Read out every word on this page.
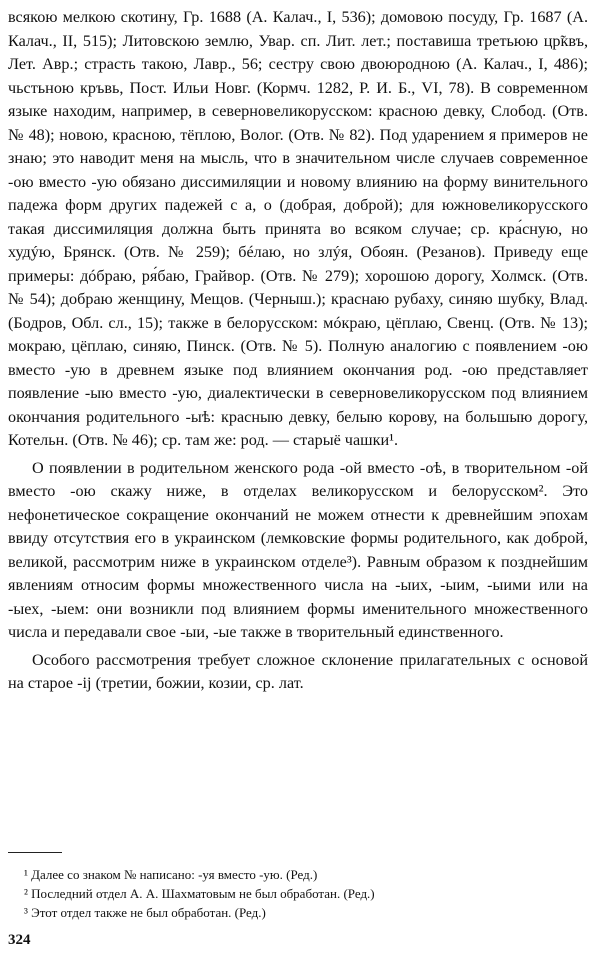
всякою мелкою скотину, Гр. 1688 (А. Калач., I, 536); домовою посуду, Гр. 1687 (А. Калач., II, 515); Литовскою землю, Увар. сп. Лит. лет.; поставиша третьюю цр̃квъ, Лет. Авр.; страсть такою, Лавр., 56; сестру свою двоюродною (А. Калач., I, 486); чьстьною кръвь, Пост. Ильи Новг. (Кормч. 1282, Р. И. Б., VI, 78). В современном языке находим, например, в северновеликорусском: красною девку, Слобод. (Отв. № 48); новою, красною, тёплою, Волог. (Отв. № 82). Под ударением я примеров не знаю; это наводит меня на мысль, что в значительном числе случаев современное -ою вместо -ую обязано диссимиляции и новому влиянию на форму винительного падежа форм других падежей с а, о (добрая, доброй); для южновеликорусского такая диссимиляция должна быть принята во всяком случае; ср. кра́сную, но худýю, Брянск. (Отв. № 259); бéлаю, но злýя, Обоян. (Резанов). Приведу еще примеры: дóбраю, ря́баю, Грайвор. (Отв. № 279); хорошою дорогу, Холмск. (Отв. № 54); добраю женщину, Мещов. (Черныш.); краснаю рубаху, синяю шубку, Влад. (Бодров, Обл. сл., 15); также в белорусском: мóкраю, цёплаю, Свенц. (Отв. № 13); мокраю, цёплаю, синяю, Пинск. (Отв. № 5). Полную аналогию с появлением -ою вместо -ую в древнем языке под влиянием окончания род. -ою представляет появление -ыю вместо -ую, диалектически в северновеликорусском под влиянием окончания родительного -ыѣ: красныю девку, белыю корову, на большыю дорогу, Котельн. (Отв. № 46); ср. там же: род. — старыё чашки¹.

О появлении в родительном женского рода -ой вместо -оѣ, в творительном -ой вместо -ою скажу ниже, в отделах великорусском и белорусском². Это нефонетическое сокращение окончаний не можем отнести к древнейшим эпохам ввиду отсутствия его в украинском (лемковские формы родительного, как доброй, великой, рассмотрим ниже в украинском отделе³). Равным образом к позднейшим явлениям относим формы множественного числа на -ыих, -ыим, -ыими или на -ыех, -ыем: они возникли под влиянием формы именительного множественного числа и передавали свое -ыи, -ые также в творительный единственного.

Особого рассмотрения требует сложное склонение прилагательных с основой на старое -ij (третии, божии, козии, ср. лат.

¹ Далее со знаком № написано: -уя вместо -ую. (Ред.)
² Последний отдел А. А. Шахматовым не был обработан. (Ред.)
³ Этот отдел также не был обработан. (Ред.)
324
